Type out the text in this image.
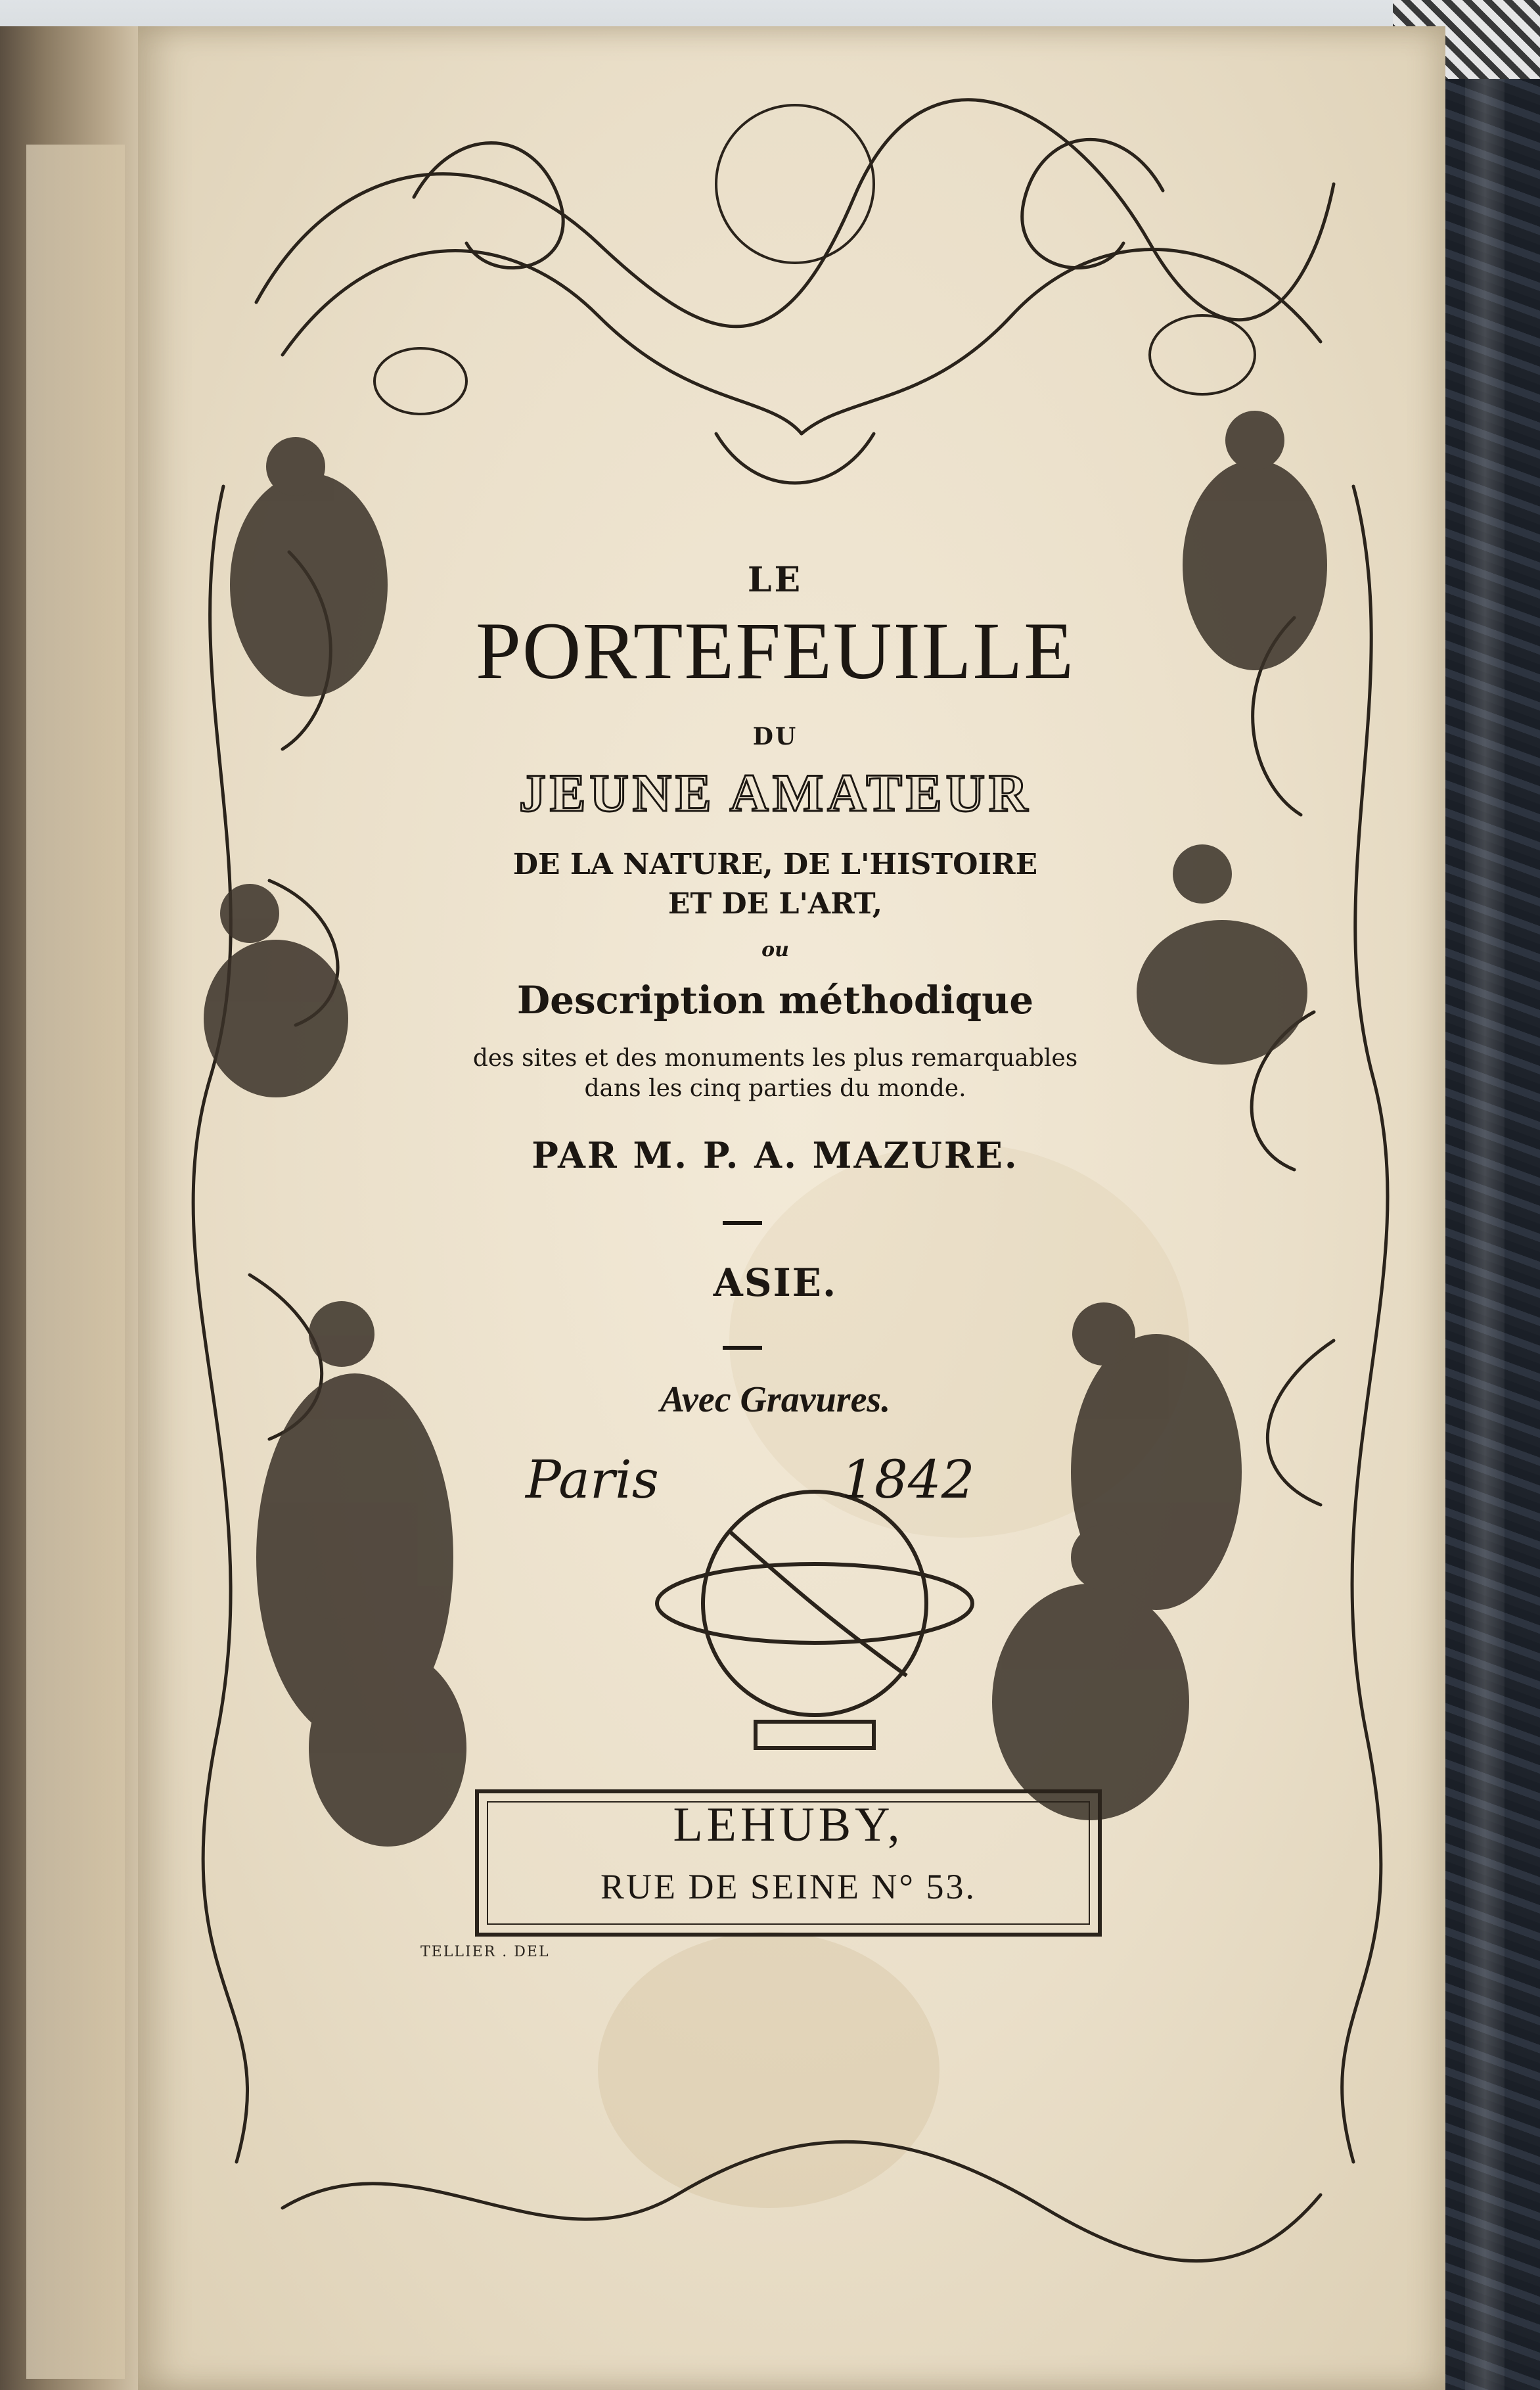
LE
PORTEFEUILLE
DU
JEUNE AMATEUR
DE LA NATURE, DE L'HISTOIRE
ET DE L'ART,
ou
Description méthodique
des sites et des monuments les plus remarquables
dans les cinq parties du monde.
PAR M. P. A. MAZURE.
ASIE.
Avec Gravures.
Paris	1842
LEHUBY,
RUE DE SEINE N° 53.
TELLIER . DEL
